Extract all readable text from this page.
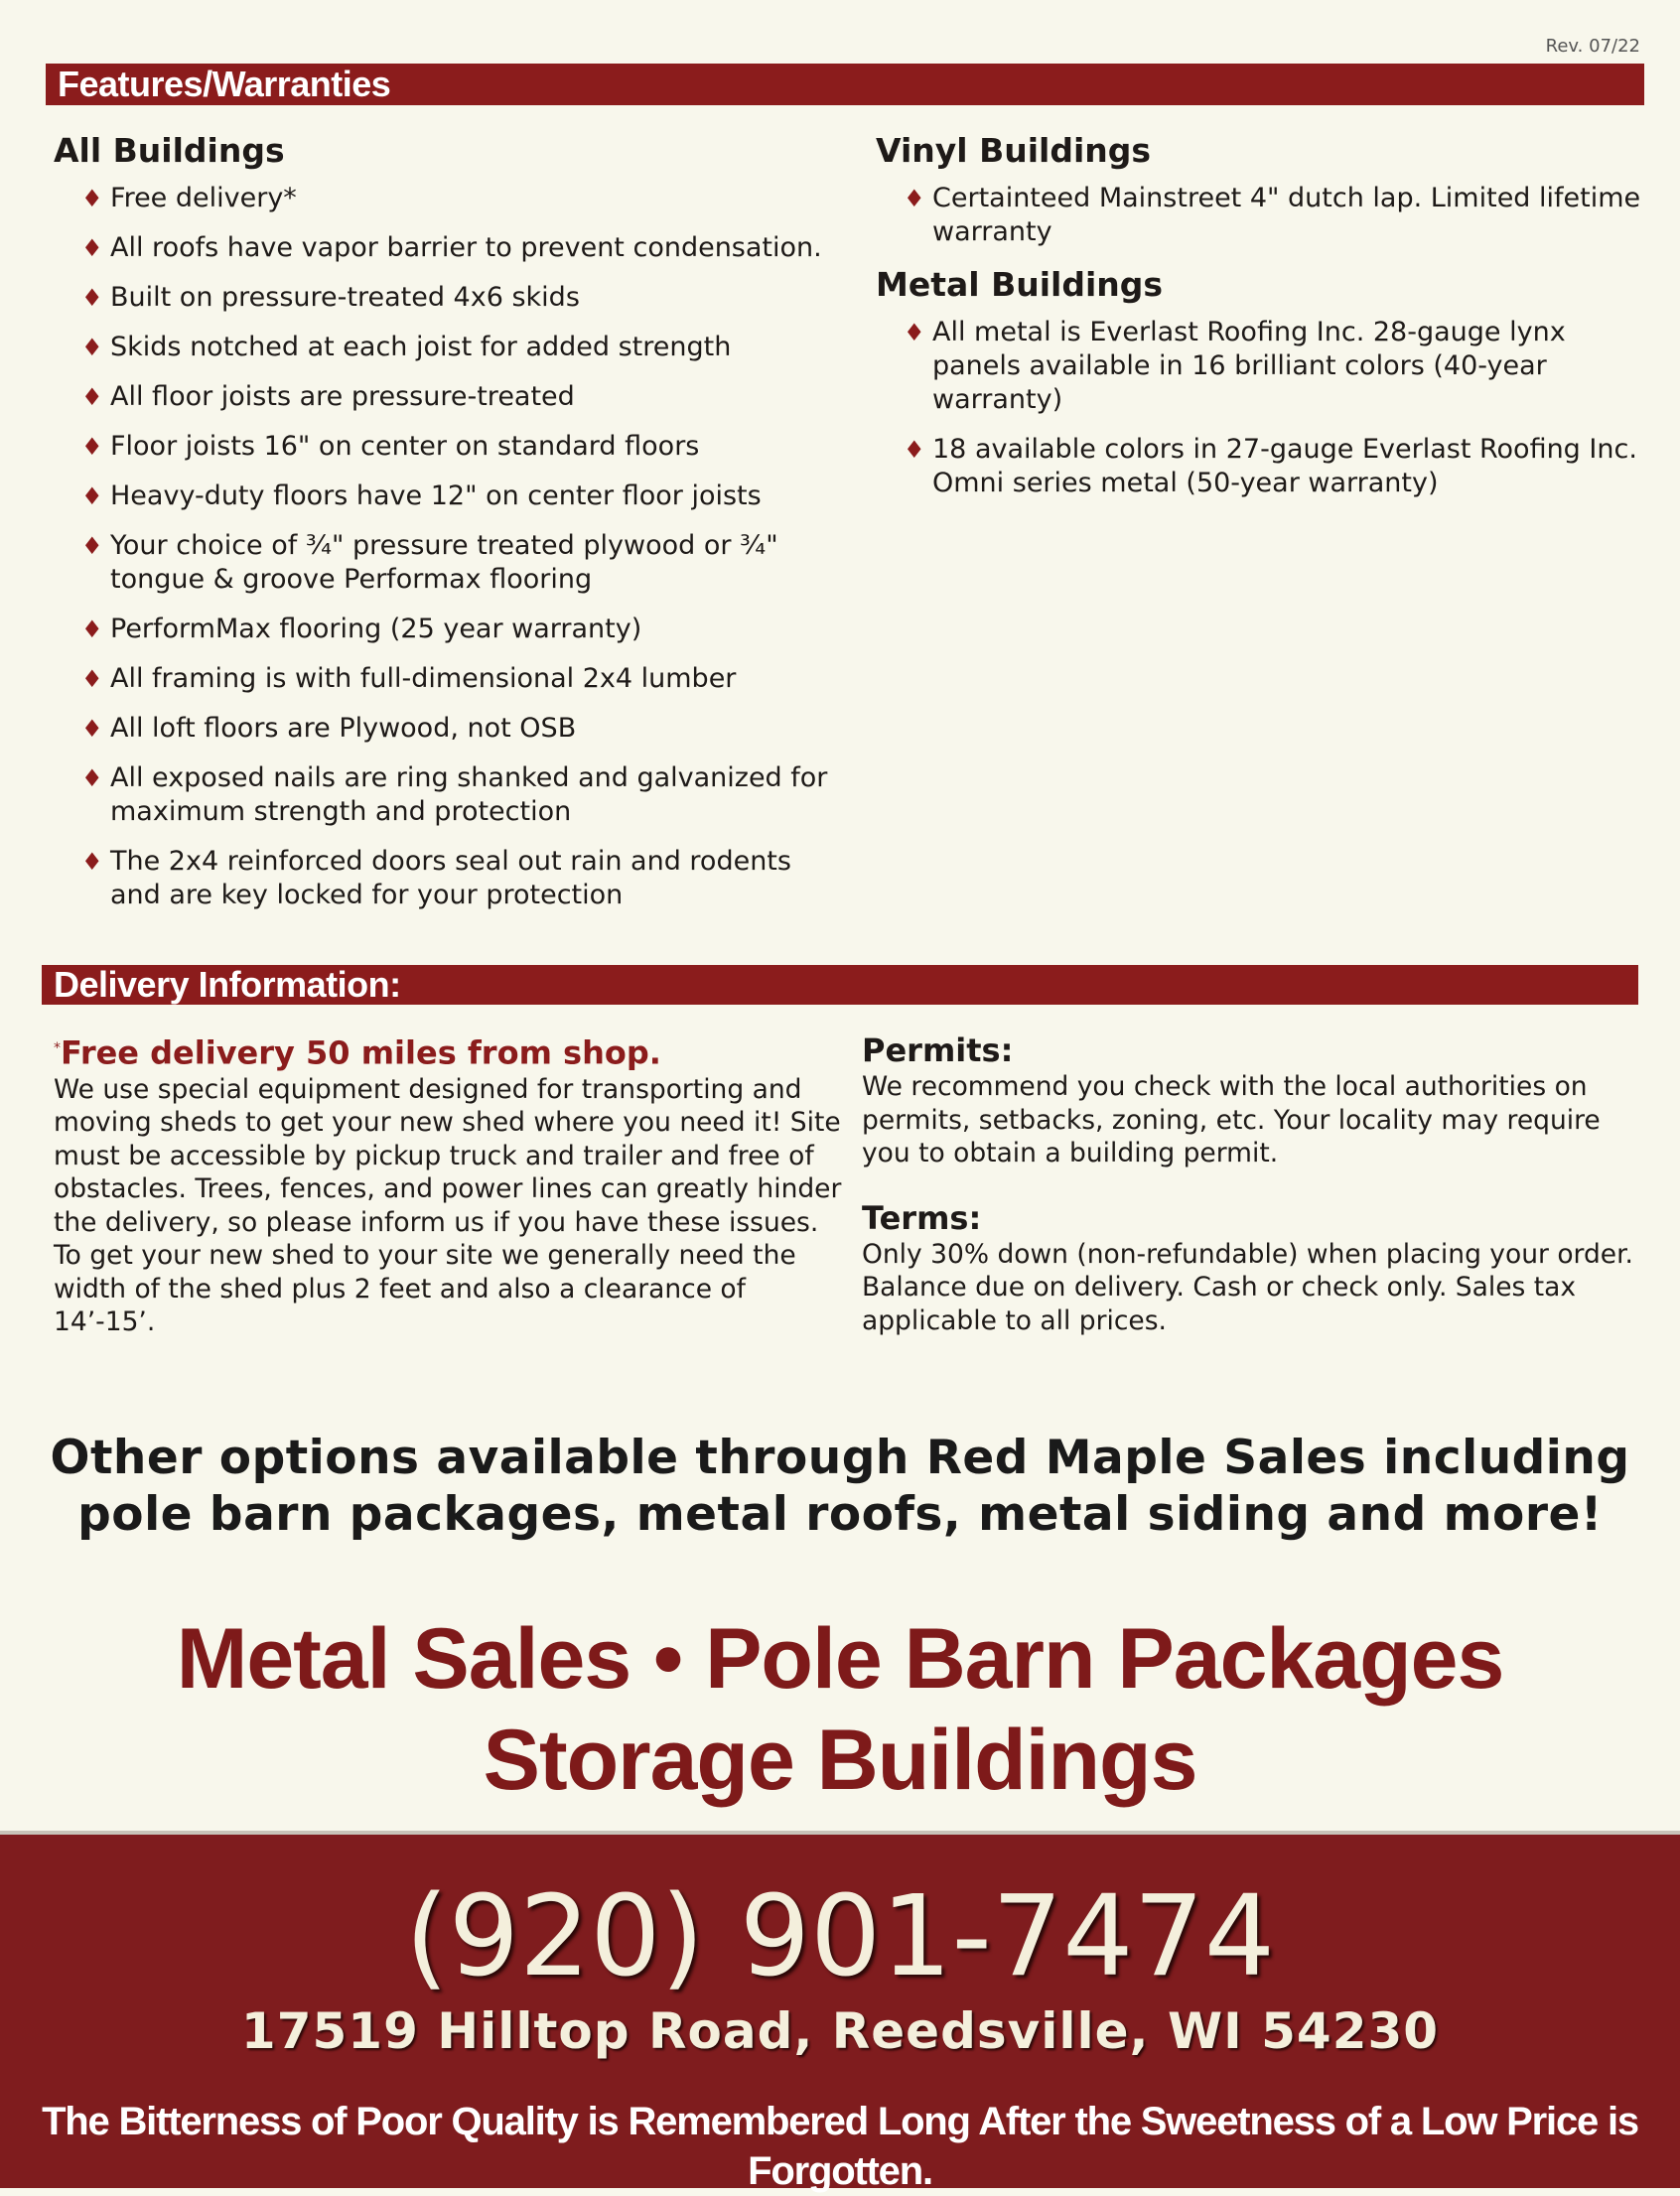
Rev. 07/22
Features/Warranties
All Buildings
♦ Free delivery*
♦ All roofs have vapor barrier to prevent condensation.
♦ Built on pressure-treated 4x6 skids
♦ Skids notched at each joist for added strength
♦ All floor joists are pressure-treated
♦ Floor joists 16" on center on standard floors
♦ Heavy-duty floors have 12" on center floor joists
♦ Your choice of ¾" pressure treated plywood or ¾" tongue & groove Performax flooring
♦ PerformMax flooring (25 year warranty)
♦ All framing is with full-dimensional 2x4 lumber
♦ All loft floors are Plywood, not OSB
♦ All exposed nails are ring shanked and galvanized for maximum strength and protection
♦ The 2x4 reinforced doors seal out rain and rodents and are key locked for your protection
Vinyl Buildings
♦ Certainteed Mainstreet 4" dutch lap. Limited lifetime warranty
Metal Buildings
♦ All metal is Everlast Roofing Inc. 28-gauge lynx panels available in 16 brilliant colors (40-year warranty)
♦ 18 available colors in 27-gauge Everlast Roofing Inc. Omni series metal (50-year warranty)
Delivery Information:

*Free delivery 50 miles from shop.

We use special equipment designed for transporting and moving sheds to get your new shed where you need it! Site must be accessible by pickup truck and trailer and free of obstacles. Trees, fences, and power lines can greatly hinder the delivery, so please inform us if you have these issues. To get your new shed to your site we generally need the width of the shed plus 2 feet and also a clearance of 14’-15’.

Permits:

We recommend you check with the local authorities on permits, setbacks, zoning, etc. Your locality may require you to obtain a building permit.

Terms:

Only 30% down (non-refundable) when placing your order. Balance due on delivery. Cash or check only. Sales tax applicable to all prices.

Other options available through Red Maple Sales including
pole barn packages, metal roofs, metal siding and more!
Metal Sales • Pole Barn Packages
Storage Buildings
(920) 901-7474
17519 Hilltop Road, Reedsville, WI 54230
The Bitterness of Poor Quality is Remembered Long After the Sweetness of a Low Price is Forgotten.
